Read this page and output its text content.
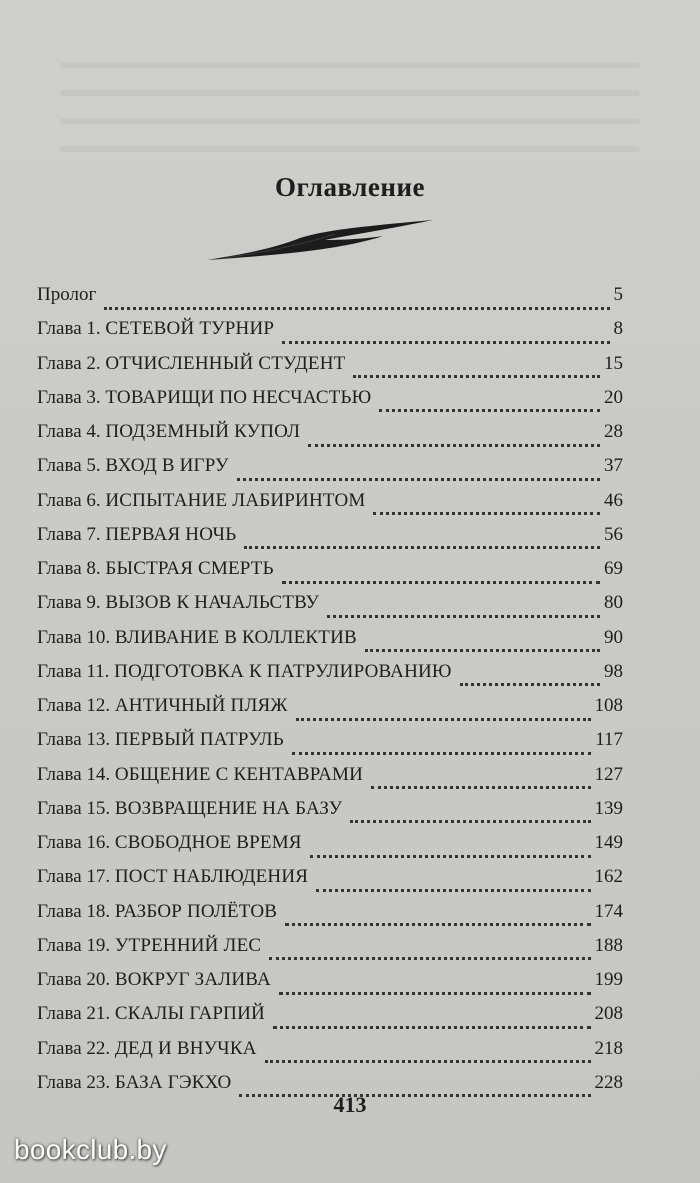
Оглавление
Пролог	5
Глава 1. СЕТЕВОЙ ТУРНИР	8
Глава 2. ОТЧИСЛЕННЫЙ СТУДЕНТ	15
Глава 3. ТОВАРИЩИ ПО НЕСЧАСТЬЮ	20
Глава 4. ПОДЗЕМНЫЙ КУПОЛ	28
Глава 5. ВХОД В ИГРУ	37
Глава 6. ИСПЫТАНИЕ ЛАБИРИНТОМ	46
Глава 7. ПЕРВАЯ НОЧЬ	56
Глава 8. БЫСТРАЯ СМЕРТЬ	69
Глава 9. ВЫЗОВ К НАЧАЛЬСТВУ	80
Глава 10. ВЛИВАНИЕ В КОЛЛЕКТИВ	90
Глава 11. ПОДГОТОВКА К ПАТРУЛИРОВАНИЮ	98
Глава 12. АНТИЧНЫЙ ПЛЯЖ	108
Глава 13. ПЕРВЫЙ ПАТРУЛЬ	117
Глава 14. ОБЩЕНИЕ С КЕНТАВРАМИ	127
Глава 15. ВОЗВРАЩЕНИЕ НА БАЗУ	139
Глава 16. СВОБОДНОЕ ВРЕМЯ	149
Глава 17. ПОСТ НАБЛЮДЕНИЯ	162
Глава 18. РАЗБОР ПОЛЁТОВ	174
Глава 19. УТРЕННИЙ ЛЕС	188
Глава 20. ВОКРУГ ЗАЛИВА	199
Глава 21. СКАЛЫ ГАРПИЙ	208
Глава 22. ДЕД И ВНУЧКА	218
Глава 23. БАЗА ГЭКХО	228
413
bookclub.by
